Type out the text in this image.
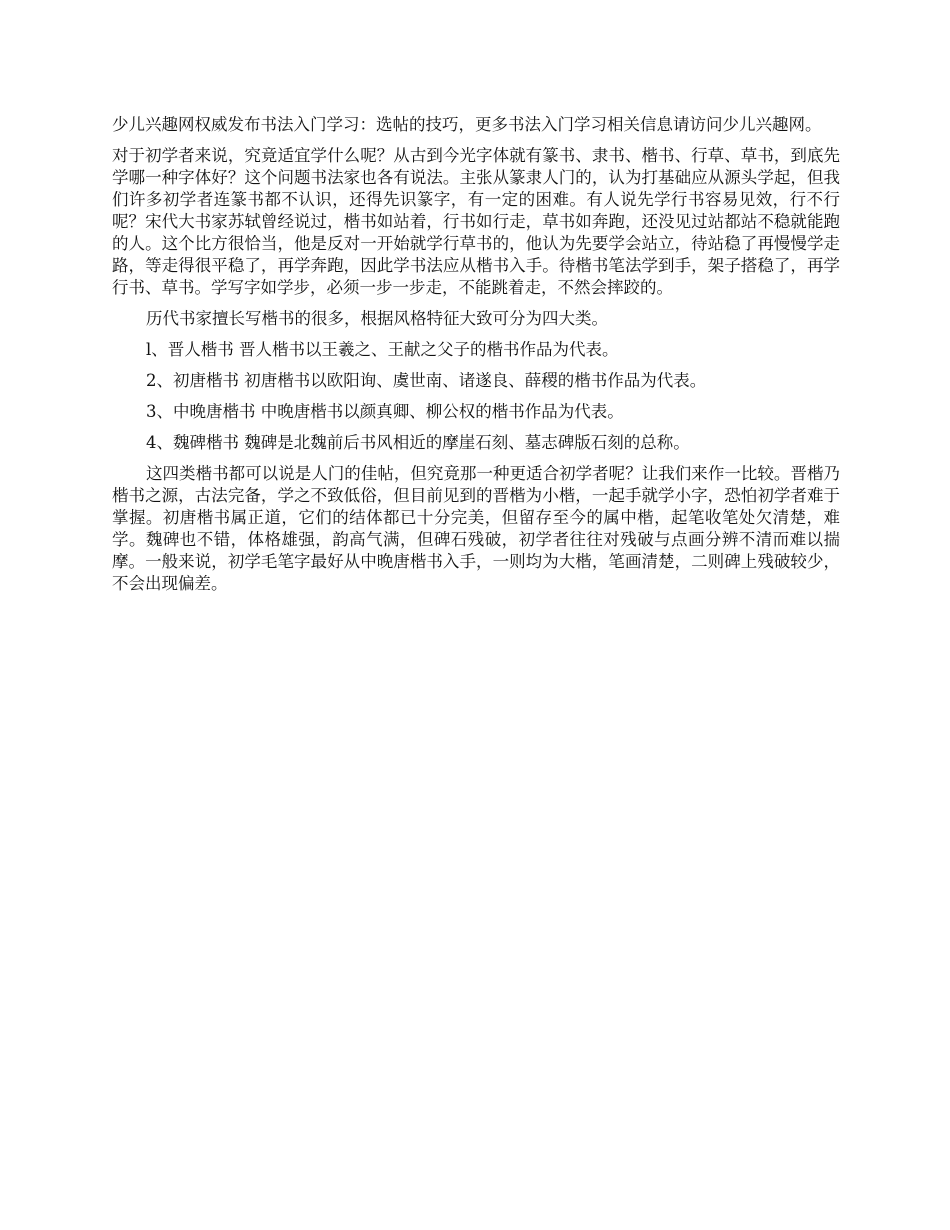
少儿兴趣网权威发布书法入门学习：选帖的技巧，更多书法入门学习相关信息请访问少儿兴趣网。

对于初学者来说，究竟适宜学什么呢？从古到今光字体就有篆书、隶书、楷书、行草、草书，到底先学哪一种字体好？这个问题书法家也各有说法。主张从篆隶人门的，认为打基础应从源头学起，但我们许多初学者连篆书都不认识，还得先识篆字，有一定的困难。有人说先学行书容易见效，行不行呢？宋代大书家苏轼曾经说过，楷书如站着，行书如行走，草书如奔跑，还没见过站都站不稳就能跑的人。这个比方很恰当，他是反对一开始就学行草书的，他认为先要学会站立，待站稳了再慢慢学走路，等走得很平稳了，再学奔跑，因此学书法应从楷书入手。待楷书笔法学到手，架子搭稳了，再学行书、草书。学写字如学步，必须一步一步走，不能跳着走，不然会摔跤的。

历代书家擅长写楷书的很多，根据风格特征大致可分为四大类。

l、晋人楷书 晋人楷书以王羲之、王献之父子的楷书作品为代表。

2、初唐楷书 初唐楷书以欧阳询、虞世南、诸遂良、薛稷的楷书作品为代表。

3、中晚唐楷书 中晚唐楷书以颜真卿、柳公权的楷书作品为代表。

4、魏碑楷书 魏碑是北魏前后书风相近的摩崖石刻、墓志碑版石刻的总称。

这四类楷书都可以说是人门的佳帖，但究竟那一种更适合初学者呢？让我们来作一比较。晋楷乃楷书之源，古法完备，学之不致低俗，但目前见到的晋楷为小楷，一起手就学小字，恐怕初学者难于掌握。初唐楷书属正道，它们的结体都已十分完美，但留存至今的属中楷，起笔收笔处欠清楚，难学。魏碑也不错，体格雄强，韵高气满，但碑石残破，初学者往往对残破与点画分辨不清而难以揣摩。一般来说，初学毛笔字最好从中晚唐楷书入手，一则均为大楷，笔画清楚，二则碑上残破较少，不会出现偏差。
